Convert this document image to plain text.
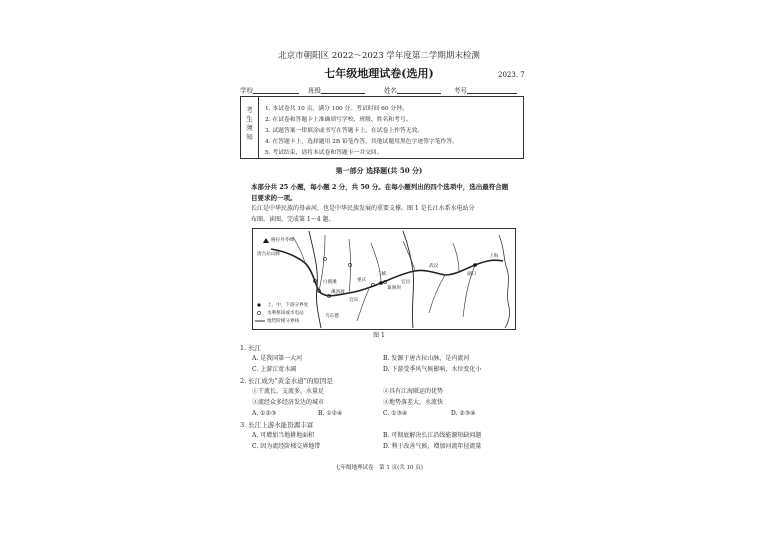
北京市朝阳区 2022～2023 学年度第二学期期末检测
七年级地理试卷(选用)	2023. 7
学校	班级	姓名	考号
考
生
须
知
1. 本试卷共 10 页，满分 100 分。考试时间 60 分钟。
2. 在试卷和答题卡上准确填写学校、班级、姓名和考号。
3. 试题答案一律填涂或书写在答题卡上，在试卷上作答无效。
4. 在答题卡上，选择题用 2B 铅笔作答，其他试题用黑色字迹签字笔作答。
5. 考试结束，请将本试卷和答题卡一并交回。
第一部分 选择题(共 50 分)
本部分共 25 小题，每小题 2 分，共 50 分。在每小题列出的四个选项中，选出最符合题
目要求的一项。
长江是中华民族的母亲河，也是中华民族发展的重要支撑。图 1 是长江水系水电站分
布图。读图，完成第 1～4 题。
格拉丹冬峰
唐古拉山脉
溪洛渡
白鹤滩
乌东德
宜宾
重庆
三峡
葛洲坝
宜昌
武汉
湖口
上海
上、中、下游分界处
水利枢纽或水电站
地势阶梯分界线
图 1
1. 长江
A. 是我国第一大河	B. 发源于唐古拉山脉，是内流河
C. 上游江宽水阔	D. 下游受季风气候影响，水位变化小
2. 长江成为“黄金水道”的原因是
①干流长，支流多，水量足	②具有江海联运的优势
③流经众多经济发达的城市	④地势落差大，水流快
A. ①②③	B. ①②④	C. ①③④	D. ②③④
3. 长江上游水能资源丰富
A. 可增加当地耕地面积	B. 可彻底解决长江沿线能源短缺问题
C. 因为流经阶梯交界地带	D. 利于改善气候，增加河流年径流量
七年级地理试卷　第 1 页(共 10 页)
